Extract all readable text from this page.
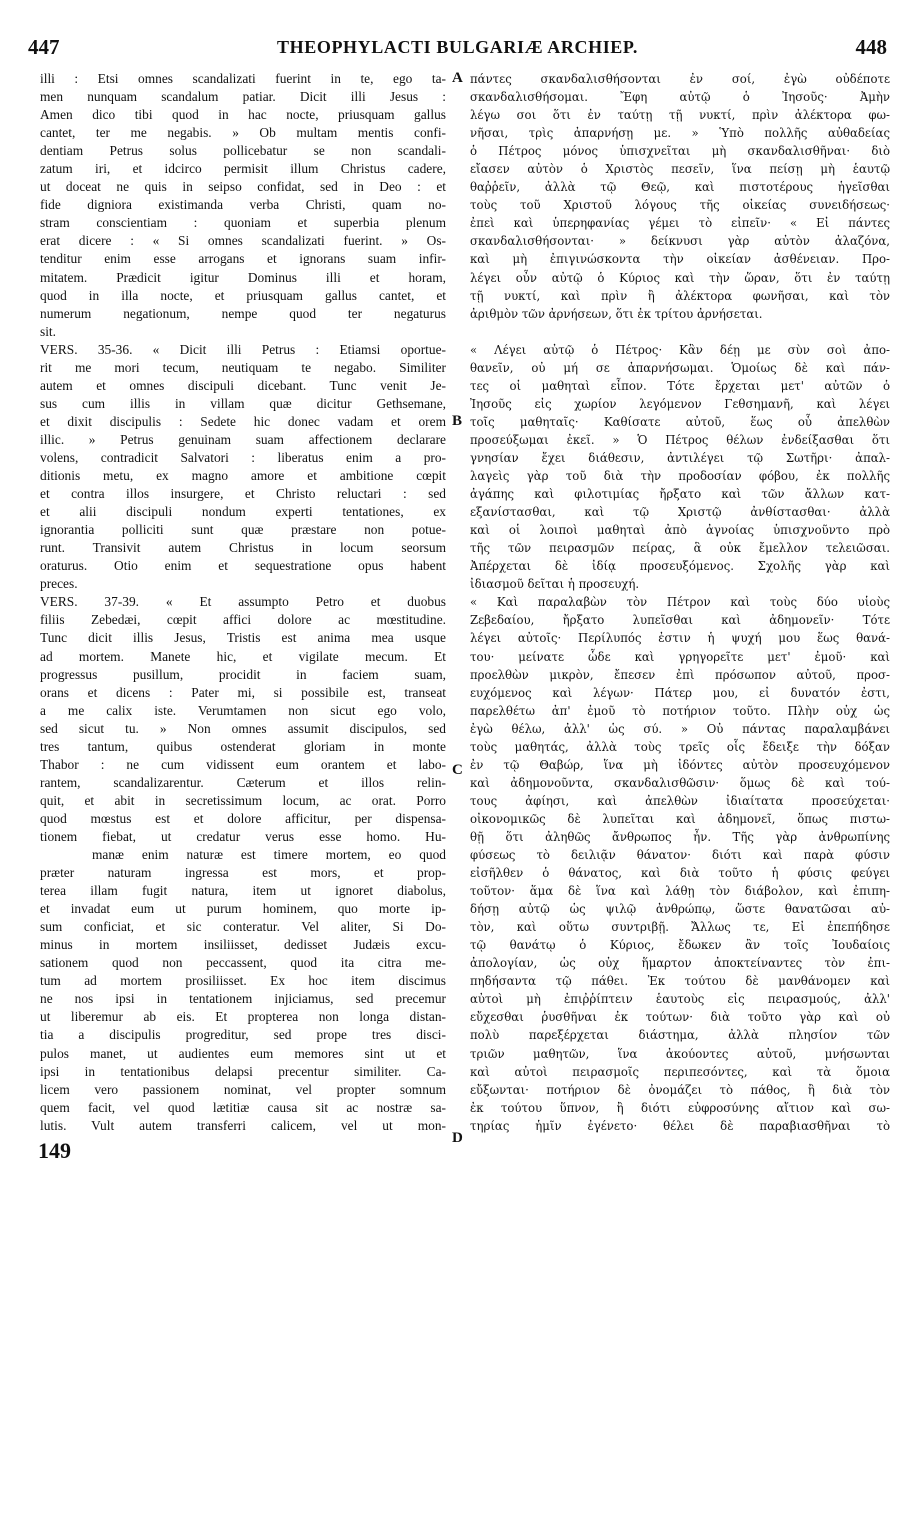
447	THEOPHYLACTI BULGARIÆ ARCHIEP.	448
illi : Etsi omnes scandalizati fuerint in te, ego ta-
men nunquam scandalum patiar. Dicit illi Jesus :
Amen dico tibi quod in hac nocte, priusquam gallus
cantet, ter me negabis. » Ob multam mentis confi-
dentiam Petrus solus pollicebatur se non scandali-
zatum iri, et idcirco permisit illum Christus cadere,
ut doceat ne quis in seipso confidat, sed in Deo : et
fide digniora existimanda verba Christi, quam no-
stram conscientiam : quoniam et superbia plenum
erat dicere : « Si omnes scandalizati fuerint. » Os-
tenditur enim esse arrogans et ignorans suam infir-
mitatem. Prædicit igitur Dominus illi et horam,
quod in illa nocte, et priusquam gallus cantet, et
numerum negationum, nempe quod ter negaturus
sit.
VERS. 35-36. « Dicit illi Petrus : Etiamsi oportue-
rit me mori tecum, neutiquam te negabo. Similiter
autem et omnes discipuli dicebant. Tunc venit Je-
sus cum illis in villam quæ dicitur Gethsemane,
et dixit discipulis : Sedete hic donec vadam et orem
illic. » Petrus genuinam suam affectionem declarare
volens, contradicit Salvatori : liberatus enim a pro-
ditionis metu, ex magno amore et ambitione cœpit
et contra illos insurgere, et Christo reluctari : sed
et alii discipuli nondum experti tentationes, ex
ignorantia polliciti sunt quæ præstare non potue-
runt. Transivit autem Christus in locum seorsum
oraturus. Otio enim et sequestratione opus habent
preces.
VERS. 37-39. « Et assumpto Petro et duobus
filiis Zebedæi, cœpit affici dolore ac mœstitudine.
Tunc dicit illis Jesus, Tristis est anima mea usque
ad mortem. Manete hic, et vigilate mecum. Et
progressus pusillum, procidit in faciem suam,
orans et dicens : Pater mi, si possibile est, transeat
a me calix iste. Verumtamen non sicut ego volo,
sed sicut tu. » Non omnes assumit discipulos, sed
tres tantum, quibus ostenderat gloriam in monte
Thabor : ne cum vidissent eum orantem et labo-
rantem, scandalizarentur. Cæterum et illos relin-
quit, et abit in secretissimum locum, ac orat. Porro
quod mœstus est et dolore afficitur, per dispensa-
tionem fiebat, ut credatur verus esse homo. Hu-
manæ enim naturæ est timere mortem, eo quod
præter naturam ingressa est mors, et prop-
terea illam fugit natura, item ut ignoret diabolus,
et invadat eum ut purum hominem, quo morte ip-
sum conficiat, et sic conteratur. Vel aliter, Si Do-
minus in mortem insiliisset, dedisset Judæis excu-
sationem quod non peccassent, quod ita citra me-
tum ad mortem prosiliisset. Ex hoc item discimus
ne nos ipsi in tentationem injiciamus, sed precemur
ut liberemur ab eis. Et propterea non longa distan-
tia a discipulis progreditur, sed prope tres disci-
pulos manet, ut audientes eum memores sint ut et
ipsi in tentationibus delapsi precentur similiter. Ca-
licem vero passionem nominat, vel propter somnum
quem facit, vel quod lætitiæ causa sit ac nostræ sa-
lutis. Vult autem transferri calicem, vel ut mon-
πάντες σκανδαλισθήσονται ἐν σοί, ἐγὼ οὐδέποτε
σκανδαλισθήσομαι. Ἔφη αὐτῷ ὁ Ἰησοῦς· Ἀμὴν
λέγω σοι ὅτι ἐν ταύτῃ τῇ νυκτί, πρὶν ἀλέκτορα φω-
νῆσαι, τρὶς ἀπαρνήσῃ με. » Ὑπὸ πολλῆς αὐθαδείας
ὁ Πέτρος μόνος ὑπισχνεῖται μὴ σκανδαλισθῆναι· διὸ
εἴασεν αὐτὸν ὁ Χριστὸς πεσεῖν, ἵνα πείσῃ μὴ ἑαυτῷ
θαῤῥεῖν, ἀλλὰ τῷ Θεῷ, καὶ πιστοτέρους ἡγεῖσθαι
τοὺς τοῦ Χριστοῦ λόγους τῆς οἰκείας συνειδήσεως·
ἐπεὶ καὶ ὑπερηφανίας γέμει τὸ εἰπεῖν· « Εἰ πάντες
σκανδαλισθήσονται· » δείκνυσι γὰρ αὐτὸν ἀλαζόνα,
καὶ μὴ ἐπιγινώσκοντα τὴν οἰκείαν ἀσθένειαν. Προ-
λέγει οὖν αὐτῷ ὁ Κύριος καὶ τὴν ὥραν, ὅτι ἐν ταύτῃ
τῇ νυκτί, καὶ πρὶν ἢ ἀλέκτορα φωνῆσαι, καὶ τὸν
ἀριθμὸν τῶν ἀρνήσεων, ὅτι ἐκ τρίτου ἀρνήσεται.
« Λέγει αὐτῷ ὁ Πέτρος· Κἂν δέῃ με σὺν σοὶ ἀπο-
θανεῖν, οὐ μή σε ἀπαρνήσωμαι. Ὁμοίως δὲ καὶ πάν-
τες οἱ μαθηταὶ εἶπον. Τότε ἔρχεται μετ' αὐτῶν ὁ
Ἰησοῦς εἰς χωρίον λεγόμενον Γεθσημανῆ, καὶ λέγει
τοῖς μαθηταῖς· Καθίσατε αὐτοῦ, ἕως οὗ ἀπελθὼν
προσεύξωμαι ἐκεῖ. » Ὁ Πέτρος θέλων ἐνδείξασθαι ὅτι
γνησίαν ἔχει διάθεσιν, ἀντιλέγει τῷ Σωτῆρι· ἀπαλ-
λαγεὶς γὰρ τοῦ διὰ τὴν προδοσίαν φόβου, ἐκ πολλῆς
ἀγάπης καὶ φιλοτιμίας ἤρξατο καὶ τῶν ἄλλων κατ-
εξανίστασθαι, καὶ τῷ Χριστῷ ἀνθίστασθαι· ἀλλὰ
καὶ οἱ λοιποὶ μαθηταὶ ἀπὸ ἀγνοίας ὑπισχνοῦντο πρὸ
τῆς τῶν πειρασμῶν πείρας, ἃ οὐκ ἔμελλον τελειῶσαι.
Ἀπέρχεται δὲ ἰδίᾳ προσευξόμενος. Σχολῆς γὰρ καὶ
ἰδιασμοῦ δεῖται ἡ προσευχή.
« Καὶ παραλαβὼν τὸν Πέτρον καὶ τοὺς δύο υἱοὺς
Ζεβεδαίου, ἤρξατο λυπεῖσθαι καὶ ἀδημονεῖν· Τότε
λέγει αὐτοῖς· Περίλυπός ἐστιν ἡ ψυχή μου ἕως θανά-
του· μείνατε ὧδε καὶ γρηγορεῖτε μετ' ἐμοῦ· καὶ
προελθὼν μικρὸν, ἔπεσεν ἐπὶ πρόσωπον αὐτοῦ, προσ-
ευχόμενος καὶ λέγων· Πάτερ μου, εἰ δυνατόν ἐστι,
παρελθέτω ἀπ' ἐμοῦ τὸ ποτήριον τοῦτο. Πλὴν οὐχ ὡς
ἐγὼ θέλω, ἀλλ' ὡς σύ. » Οὐ πάντας παραλαμβάνει
τοὺς μαθητάς, ἀλλὰ τοὺς τρεῖς οἷς ἔδειξε τὴν δόξαν
ἐν τῷ Θαβώρ, ἵνα μὴ ἰδόντες αὐτὸν προσευχόμενον
καὶ ἀδημονοῦντα, σκανδαλισθῶσιν· ὅμως δὲ καὶ τού-
τους ἀφίησι, καὶ ἀπελθὼν ἰδιαίτατα προσεύχεται·
οἰκονομικῶς δὲ λυπεῖται καὶ ἀδημονεῖ, ὅπως πιστω-
θῇ ὅτι ἀληθῶς ἄνθρωπος ἦν. Τῆς γὰρ ἀνθρωπίνης
φύσεως τὸ δειλιᾷν θάνατον· διότι καὶ παρὰ φύσιν
εἰσῆλθεν ὁ θάνατος, καὶ διὰ τοῦτο ἡ φύσις φεύγει
τοῦτον· ἅμα δὲ ἵνα καὶ λάθῃ τὸν διάβολον, καὶ ἐπιπη-
δήσῃ αὐτῷ ὡς ψιλῷ ἀνθρώπῳ, ὥστε θανατῶσαι αὐ-
τὸν, καὶ οὕτω συντριβῇ. Ἄλλως τε, Εἰ ἐπεπήδησε
τῷ θανάτῳ ὁ Κύριος, ἔδωκεν ἂν τοῖς Ἰουδαίοις
ἀπολογίαν, ὡς οὐχ ἥμαρτον ἀποκτείναντες τὸν ἐπι-
πηδήσαντα τῷ πάθει. Ἐκ τούτου δὲ μανθάνομεν καὶ
αὐτοὶ μὴ ἐπιῤῥίπτειν ἑαυτοὺς εἰς πειρασμούς, ἀλλ'
εὔχεσθαι ῥυσθῆναι ἐκ τούτων· διὰ τοῦτο γὰρ καὶ οὐ
πολὺ παρεξέρχεται διάστημα, ἀλλὰ πλησίον τῶν
τριῶν μαθητῶν, ἵνα ἀκούοντες αὐτοῦ, μνήσωνται
καὶ αὐτοὶ πειρασμοῖς περιπεσόντες, καὶ τὰ ὅμοια
εὔξωνται· ποτήριον δὲ ὀνομάζει τὸ πάθος, ἢ διὰ τὸν
ἐκ τούτου ὕπνον, ἢ διότι εὐφροσύνης αἴτιον καὶ σω-
τηρίας ἡμῖν ἐγένετο· θέλει δὲ παραβιασθῆναι τὸ
A
B
C
D
149
